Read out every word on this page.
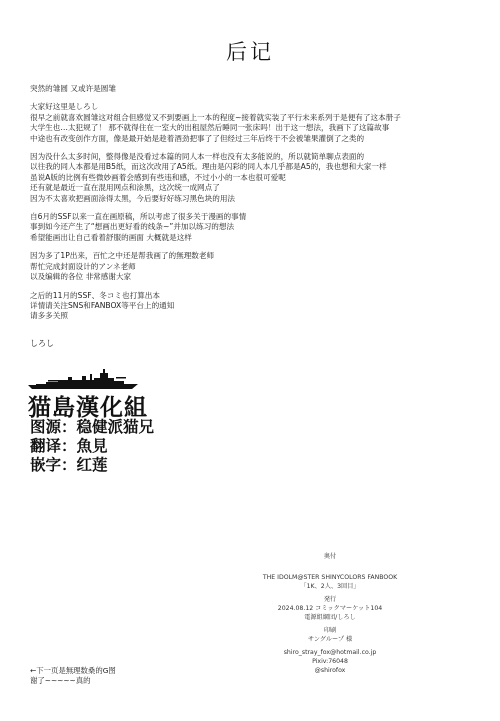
后记
突然的雏圆 又或许是圆雏
大家好这里是しろし
很早之前就喜欢圆雏这对组合但感觉又不到要画上一本的程度~接着就实装了平行未来系列于是便有了这本册子
大学生也…太犯规了！ 那不就得住在一室大的出租屋然后睡同一张床吗！出于这一想法，我画下了这篇故事
中途也有改变创作方面，像是最开始是趁着酒劲把事了了但经过三年后终于不会被雏果灌倒了之类的
因为没什么太多时间，整得像是没看过本篇的同人本一样也没有太多能说的，所以就简单聊点表面的
以往我的同人本都是用B5纸，而这次改用了A5纸。理由是闪彩的同人本几乎都是A5的，我也想和大家一样
虽说A版的比例有些微妙画着会感到有些违和感，不过小小的一本也很可爱呢
还有就是最近一直在混用网点和涂黑，这次统一成网点了
因为不太喜欢把画面涂得太黑，今后要好好练习黑色块的用法
自6月的SSF以来一直在画原稿，所以考虑了很多关于漫画的事情
事到如今还产生了“想画出更好看的线条~”并加以练习的想法
希望能画出让自己看着舒服的画面 大概就是这样
因为多了1P出来，百忙之中还是帮我画了的無理数老师
帮忙完成封面设计的アンネ老师
以及编辑的各位 非常感谢大家
之后的11月的SSF、冬コミ也打算出本
详情请关注SNS和FANBOX等平台上的通知
请多多关照
しろし
猫島漢化組
图源：稳健派猫兄
翻译：魚見
嵌字：红莲
奥付
THE IDOLM@STER SHINYCOLORS FANBOOK
「1K、2人、3回目」
発行
2024.08.12 コミックマーケット104
電源組綱団/しろし
印刷
サングループ 様
shiro_stray_fox@hotmail.co.jp
Pixiv:76048
@shirofox
←下一页是無理数桑的G图
谢了~~~~~真的
